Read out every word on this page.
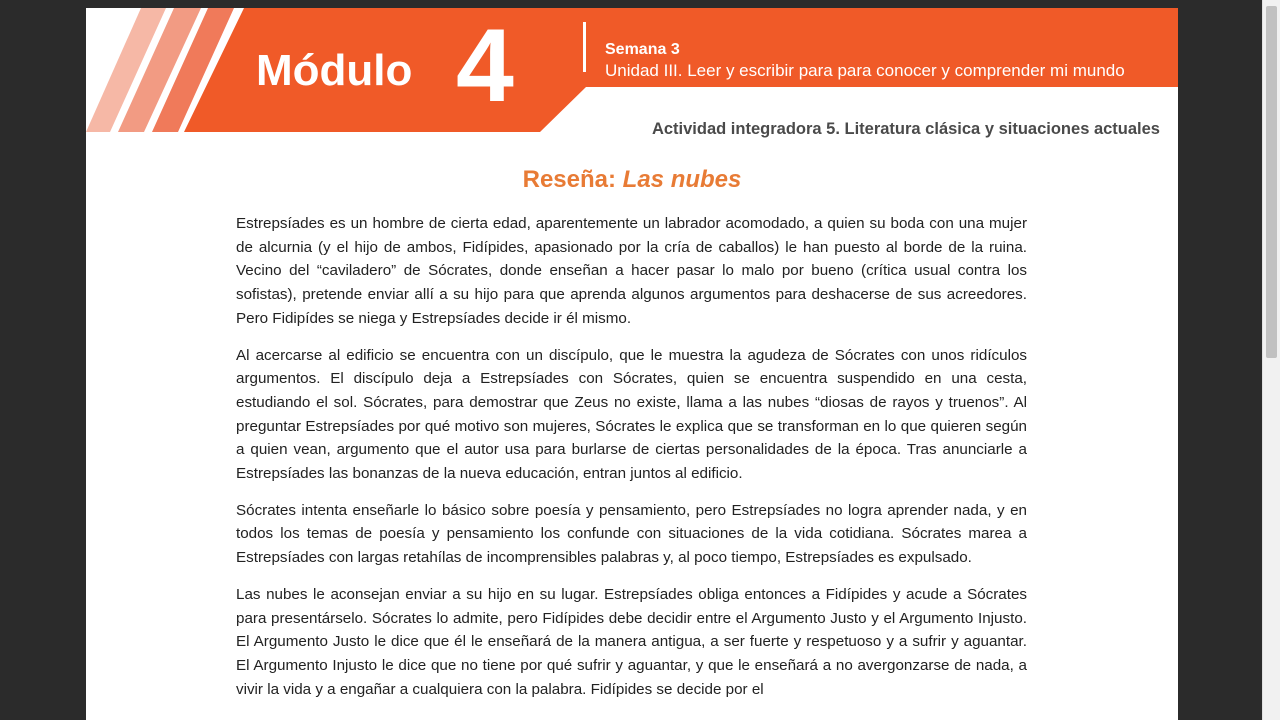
Módulo 4	Semana 3
Unidad III. Leer y escribir para para conocer y comprender mi mundo
Actividad integradora 5. Literatura clásica y situaciones actuales
Reseña: Las nubes

Estrepsíades es un hombre de cierta edad, aparentemente un labrador acomodado, a quien su boda con una mujer de alcurnia (y el hijo de ambos, Fidípides, apasionado por la cría de caballos) le han puesto al borde de la ruina. Vecino del “caviladero” de Sócrates, donde enseñan a hacer pasar lo malo por bueno (crítica usual contra los sofistas), pretende enviar allí a su hijo para que aprenda algunos argumentos para deshacerse de sus acreedores. Pero Fidipídes se niega y Estrepsíades decide ir él mismo.

Al acercarse al edificio se encuentra con un discípulo, que le muestra la agudeza de Sócrates con unos ridículos argumentos. El discípulo deja a Estrepsíades con Sócrates, quien se encuentra suspendido en una cesta, estudiando el sol. Sócrates, para demostrar que Zeus no existe, llama a las nubes “diosas de rayos y truenos”. Al preguntar Estrepsíades por qué motivo son mujeres, Sócrates le explica que se transforman en lo que quieren según a quien vean, argumento que el autor usa para burlarse de ciertas personalidades de la época. Tras anunciarle a Estrepsíades las bonanzas de la nueva educación, entran juntos al edificio.

Sócrates intenta enseñarle lo básico sobre poesía y pensamiento, pero Estrepsíades no logra aprender nada, y en todos los temas de poesía y pensamiento los confunde con situaciones de la vida cotidiana. Sócrates marea a Estrepsíades con largas retahílas de incomprensibles palabras y, al poco tiempo, Estrepsíades es expulsado.

Las nubes le aconsejan enviar a su hijo en su lugar. Estrepsíades obliga entonces a Fidípides y acude a Sócrates para presentárselo. Sócrates lo admite, pero Fidípides debe decidir entre el Argumento Justo y el Argumento Injusto. El Argumento Justo le dice que él le enseñará de la manera antigua, a ser fuerte y respetuoso y a sufrir y aguantar. El Argumento Injusto le dice que no tiene por qué sufrir y aguantar, y que le enseñará a no avergonzarse de nada, a vivir la vida y a engañar a cualquiera con la palabra. Fidípides se decide por el
